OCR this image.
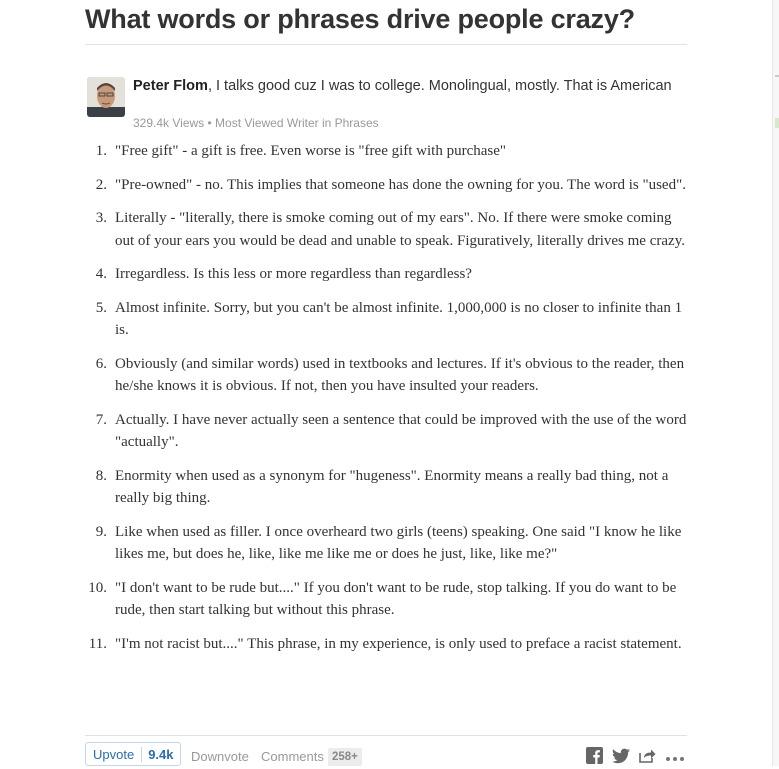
What words or phrases drive people crazy?
Peter Flom, I talks good cuz I was to college. Monolingual, mostly. That is American
329.4k Views • Most Viewed Writer in Phrases
1. "Free gift" - a gift is free. Even worse is "free gift with purchase"
2. "Pre-owned" - no. This implies that someone has done the owning for you. The word is "used".
3. Literally - "literally, there is smoke coming out of my ears". No. If there were smoke coming out of your ears you would be dead and unable to speak. Figuratively, literally drives me crazy.
4. Irregardless. Is this less or more regardless than regardless?
5. Almost infinite. Sorry, but you can't be almost infinite. 1,000,000 is no closer to infinite than 1 is.
6. Obviously (and similar words) used in textbooks and lectures. If it's obvious to the reader, then he/she knows it is obvious. If not, then you have insulted your readers.
7. Actually. I have never actually seen a sentence that could be improved with the use of the word "actually".
8. Enormity when used as a synonym for "hugeness". Enormity means a really bad thing, not a really big thing.
9. Like when used as filler. I once overheard two girls (teens) speaking. One said "I know he like likes me, but does he, like, like me like me or does he just, like, like me?"
10. "I don't want to be rude but...." If you don't want to be rude, stop talking. If you do want to be rude, then start talking but without this phrase.
11. "I'm not racist but...." This phrase, in my experience, is only used to preface a racist statement.
Upvote	9.4k	Downvote Comments 258+
